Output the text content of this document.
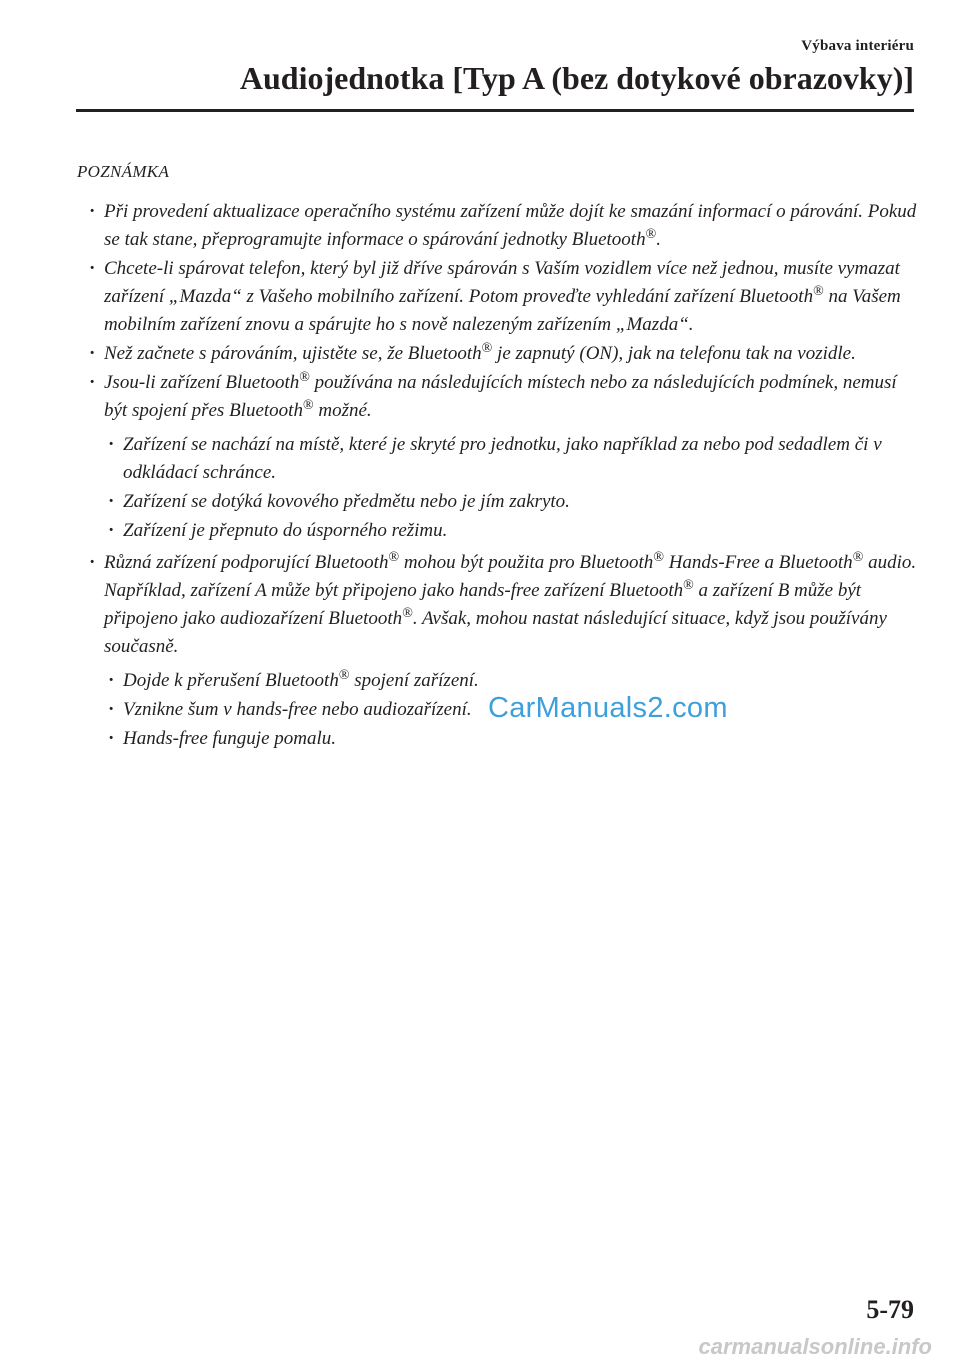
Výbava interiéru
Audiojednotka [Typ A (bez dotykové obrazovky)]
POZNÁMKA
· Při provedení aktualizace operačního systému zařízení může dojít ke smazání informací o párování. Pokud se tak stane, přeprogramujte informace o spárování jednotky Bluetooth®.
· Chcete-li spárovat telefon, který byl již dříve spárován s Vaším vozidlem více než jednou, musíte vymazat zařízení „Mazda“ z Vašeho mobilního zařízení. Potom proveďte vyhledání zařízení Bluetooth® na Vašem mobilním zařízení znovu a spárujte ho s nově nalezeným zařízením „Mazda“.
· Než začnete s párováním, ujistěte se, že Bluetooth® je zapnutý (ON), jak na telefonu tak na vozidle.
· Jsou-li zařízení Bluetooth® používána na následujících místech nebo za následujících podmínek, nemusí být spojení přes Bluetooth® možné.
· Zařízení se nachází na místě, které je skryté pro jednotku, jako například za nebo pod sedadlem či v odkládací schránce.
· Zařízení se dotýká kovového předmětu nebo je jím zakryto.
· Zařízení je přepnuto do úsporného režimu.
· Různá zařízení podporující Bluetooth® mohou být použita pro Bluetooth® Hands-Free a Bluetooth® audio. Například, zařízení A může být připojeno jako hands-free zařízení Bluetooth® a zařízení B může být připojeno jako audiozařízení Bluetooth®. Avšak, mohou nastat následující situace, když jsou používány současně.
· Dojde k přerušení Bluetooth® spojení zařízení.
· Vznikne šum v hands-free nebo audiozařízení.
· Hands-free funguje pomalu.
CarManuals2.com
5-79
carmanualsonline.info
